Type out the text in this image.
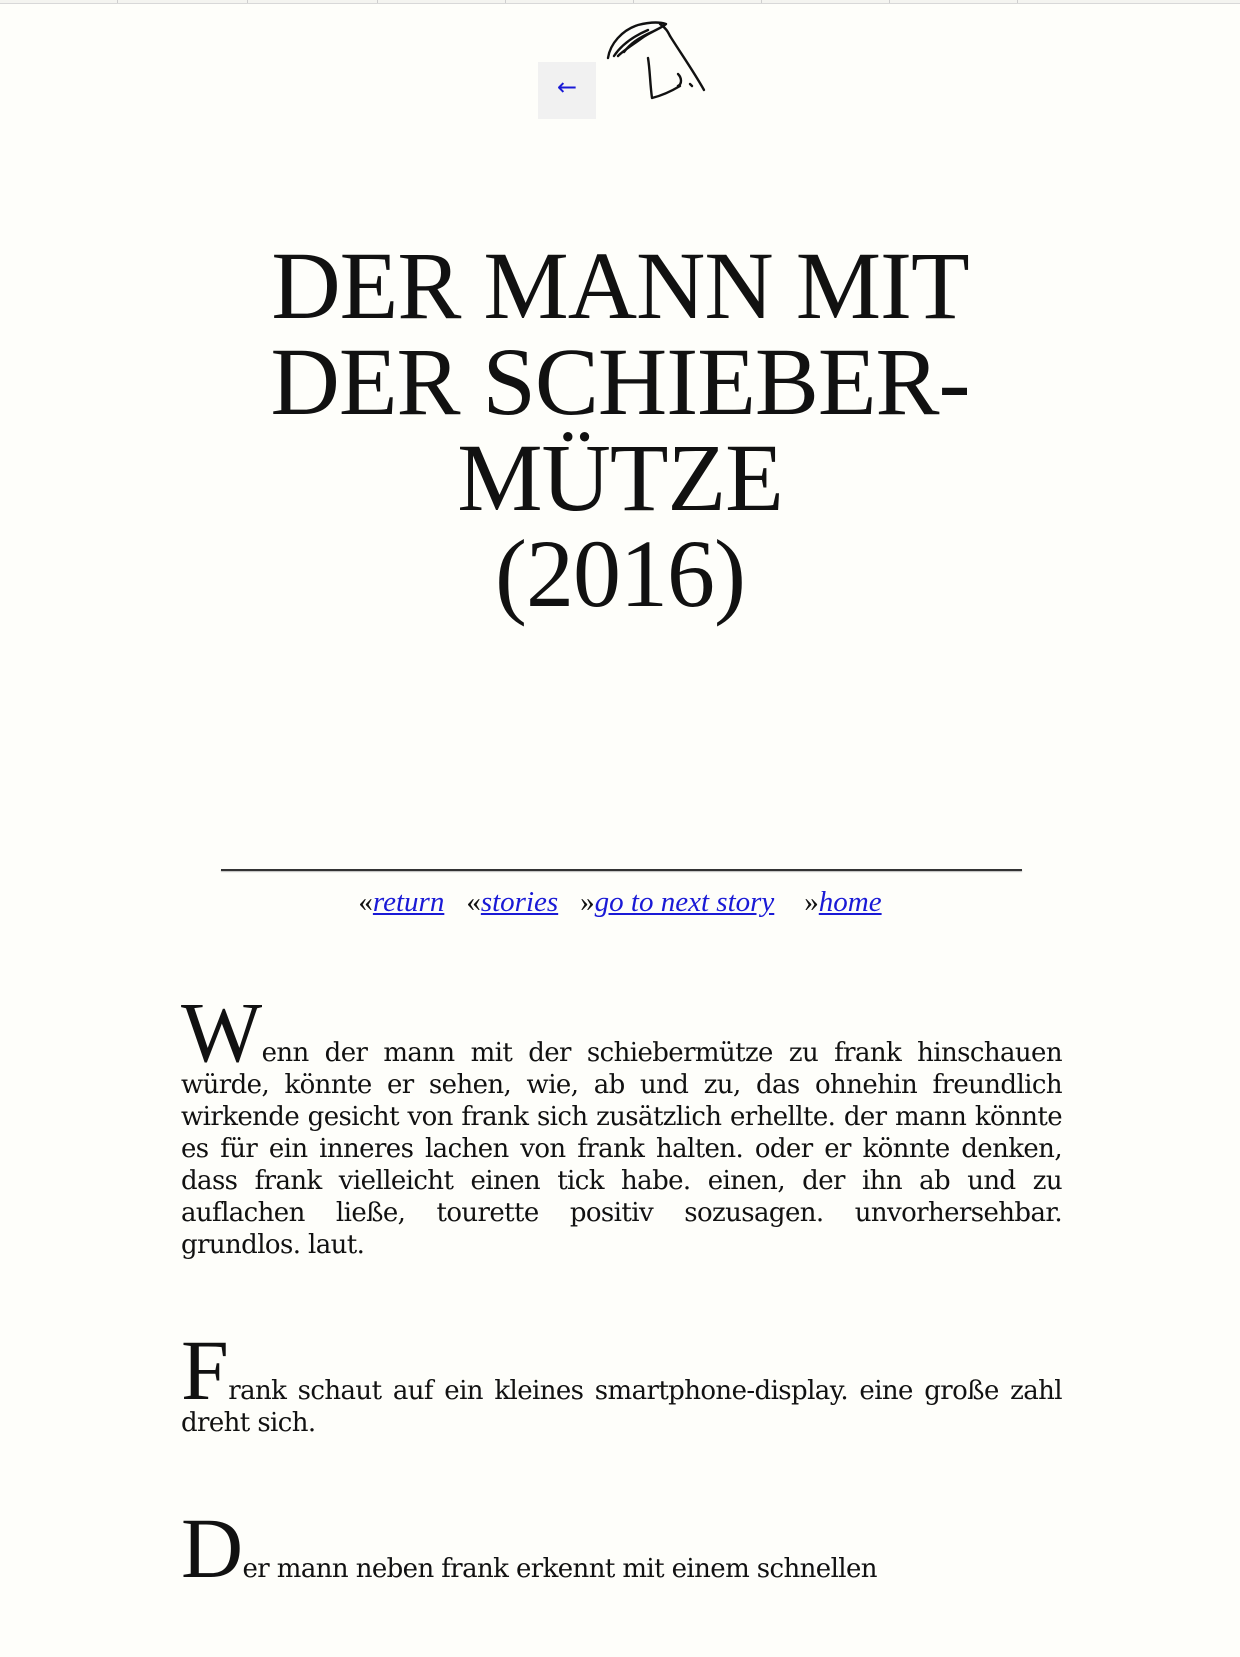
←
DER MANN MIT
DER SCHIEBER-
MÜTZE
(2016)
«return «stories »go to next story »home

Wenn der mann mit der schiebermütze zu frank hinschauen würde, könnte er sehen, wie, ab und zu, das ohnehin freundlich wirkende gesicht von frank sich zusätzlich erhellte. der mann könnte es für ein inneres lachen von frank halten. oder er könnte denken, dass frank vielleicht einen tick habe. einen, der ihn ab und zu auflachen ließe, tourette positiv sozusagen. unvorhersehbar. grundlos. laut.

Frank schaut auf ein kleines smartphone-display. eine große zahl dreht sich.

Der mann neben frank erkennt mit einem schnellen
